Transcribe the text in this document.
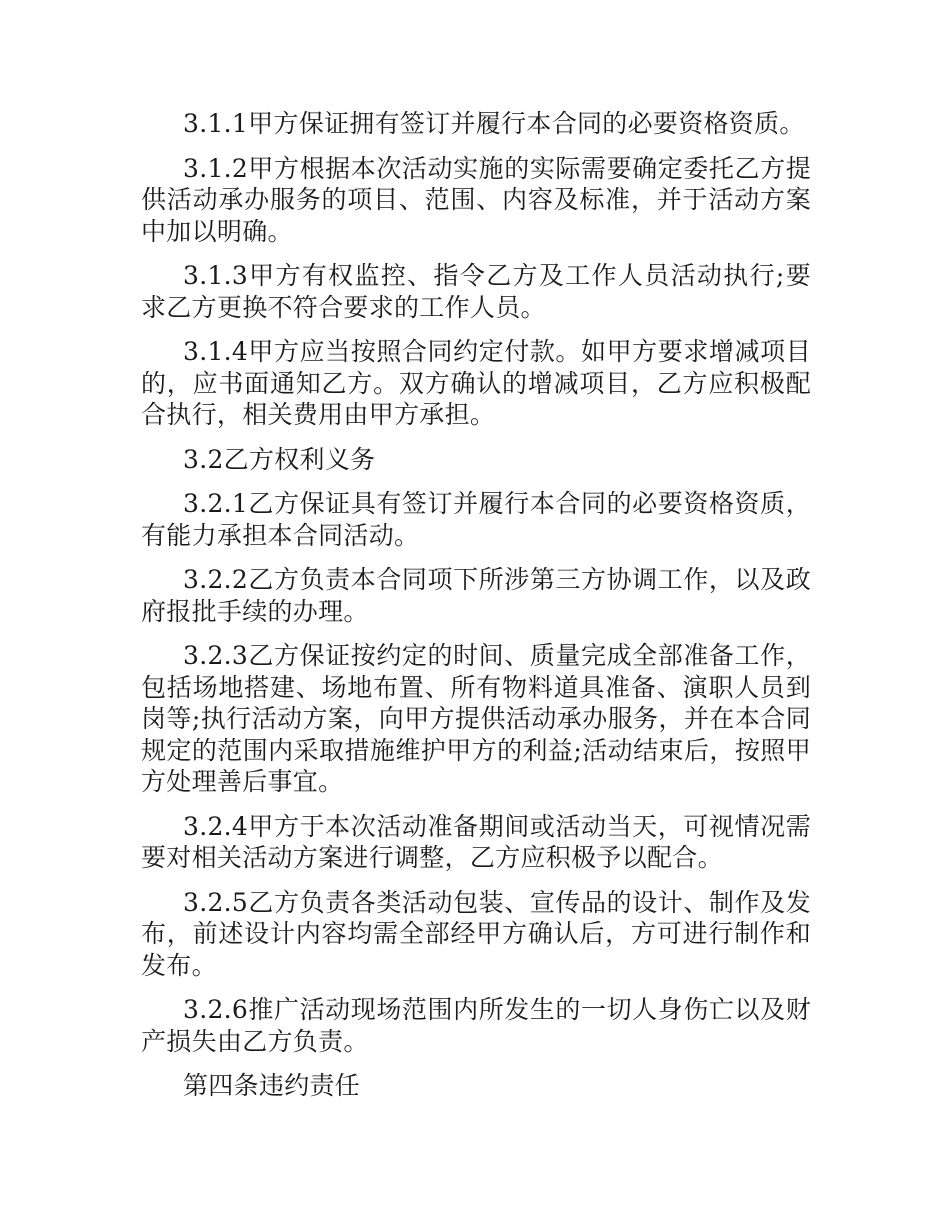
3.1.1甲方保证拥有签订并履行本合同的必要资格资质。

3.1.2甲方根据本次活动实施的实际需要确定委托乙方提供活动承办服务的项目、范围、内容及标准，并于活动方案中加以明确。

3.1.3甲方有权监控、指令乙方及工作人员活动执行;要求乙方更换不符合要求的工作人员。

3.1.4甲方应当按照合同约定付款。如甲方要求增减项目的，应书面通知乙方。双方确认的增减项目，乙方应积极配合执行，相关费用由甲方承担。

3.2乙方权利义务

3.2.1乙方保证具有签订并履行本合同的必要资格资质，有能力承担本合同活动。

3.2.2乙方负责本合同项下所涉第三方协调工作，以及政府报批手续的办理。

3.2.3乙方保证按约定的时间、质量完成全部准备工作，包括场地搭建、场地布置、所有物料道具准备、演职人员到岗等;执行活动方案，向甲方提供活动承办服务，并在本合同规定的范围内采取措施维护甲方的利益;活动结束后，按照甲方处理善后事宜。

3.2.4甲方于本次活动准备期间或活动当天，可视情况需要对相关活动方案进行调整，乙方应积极予以配合。

3.2.5乙方负责各类活动包装、宣传品的设计、制作及发布，前述设计内容均需全部经甲方确认后，方可进行制作和发布。

3.2.6推广活动现场范围内所发生的一切人身伤亡以及财产损失由乙方负责。

第四条违约责任
